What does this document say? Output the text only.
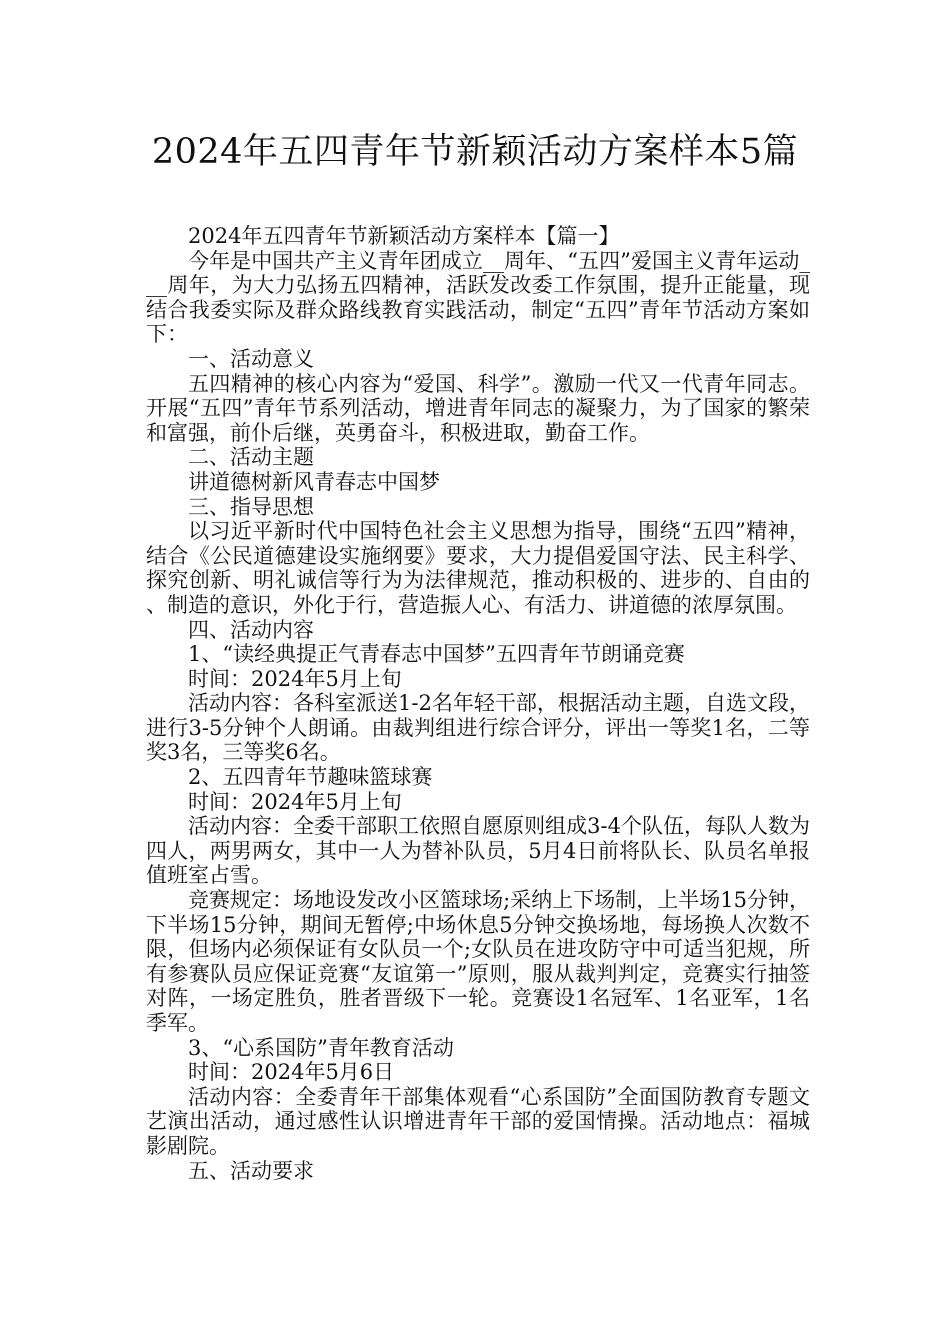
2024年五四青年节新颖活动方案样本5篇

2024年五四青年节新颖活动方案样本【篇一】

今年是中国共产主义青年团成立__周年、“五四”爱国主义青年运动___周年，为大力弘扬五四精神，活跃发改委工作氛围，提升正能量，现结合我委实际及群众路线教育实践活动，制定“五四”青年节活动方案如下：

一、活动意义

五四精神的核心内容为“爱国、科学”。激励一代又一代青年同志。开展“五四”青年节系列活动，增进青年同志的凝聚力，为了国家的繁荣和富强，前仆后继，英勇奋斗，积极进取，勤奋工作。

二、活动主题

讲道德树新风青春志中国梦

三、指导思想

以习近平新时代中国特色社会主义思想为指导，围绕“五四”精神，结合《公民道德建设实施纲要》要求，大力提倡爱国守法、民主科学、探究创新、明礼诚信等行为为法律规范，推动积极的、进步的、自由的、制造的意识，外化于行，营造振人心、有活力、讲道德的浓厚氛围。

四、活动内容

1、“读经典提正气青春志中国梦”五四青年节朗诵竞赛

时间：2024年5月上旬

活动内容：各科室派送1-2名年轻干部，根据活动主题，自选文段，进行3-5分钟个人朗诵。由裁判组进行综合评分，评出一等奖1名，二等奖3名，三等奖6名。

2、五四青年节趣味篮球赛

时间：2024年5月上旬

活动内容：全委干部职工依照自愿原则组成3-4个队伍，每队人数为四人，两男两女，其中一人为替补队员，5月4日前将队长、队员名单报值班室占雪。

竞赛规定：场地设发改小区篮球场;采纳上下场制，上半场15分钟，下半场15分钟，期间无暂停;中场休息5分钟交换场地，每场换人次数不限，但场内必须保证有女队员一个;女队员在进攻防守中可适当犯规，所有参赛队员应保证竞赛“友谊第一”原则，服从裁判判定，竞赛实行抽签对阵，一场定胜负，胜者晋级下一轮。竞赛设1名冠军、1名亚军，1名季军。

3、“心系国防”青年教育活动

时间：2024年5月6日

活动内容：全委青年干部集体观看“心系国防”全面国防教育专题文艺演出活动，通过感性认识增进青年干部的爱国情操。活动地点：福城影剧院。

五、活动要求
